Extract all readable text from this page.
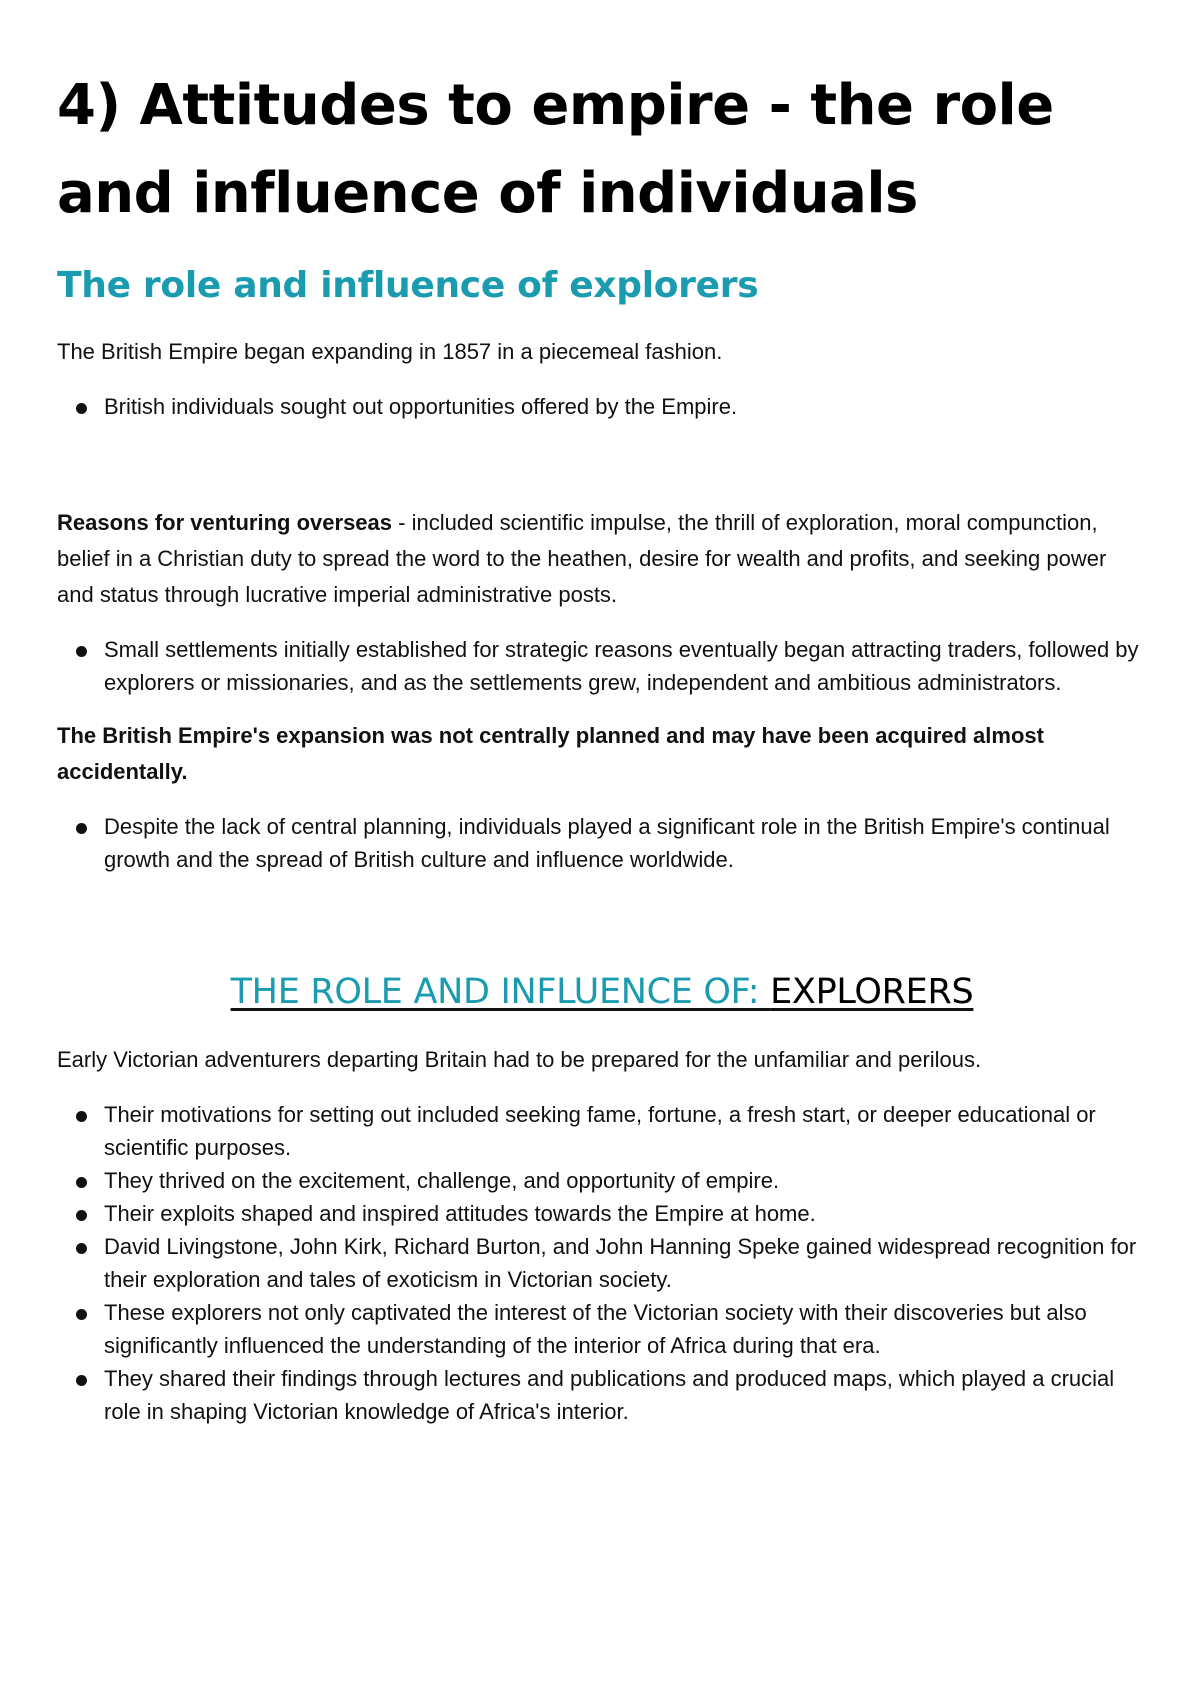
4) Attitudes to empire - the role and influence of individuals
The role and influence of explorers

The British Empire began expanding in 1857 in a piecemeal fashion.

British individuals sought out opportunities offered by the Empire.

Reasons for venturing overseas - included scientific impulse, the thrill of exploration, moral compunction, belief in a Christian duty to spread the word to the heathen, desire for wealth and profits, and seeking power and status through lucrative imperial administrative posts.

Small settlements initially established for strategic reasons eventually began attracting traders, followed by explorers or missionaries, and as the settlements grew, independent and ambitious administrators.

The British Empire's expansion was not centrally planned and may have been acquired almost accidentally.

Despite the lack of central planning, individuals played a significant role in the British Empire's continual growth and the spread of British culture and influence worldwide.
THE ROLE AND INFLUENCE OF: EXPLORERS

Early Victorian adventurers departing Britain had to be prepared for the unfamiliar and perilous.

Their motivations for setting out included seeking fame, fortune, a fresh start, or deeper educational or scientific purposes.
They thrived on the excitement, challenge, and opportunity of empire.
Their exploits shaped and inspired attitudes towards the Empire at home.
David Livingstone, John Kirk, Richard Burton, and John Hanning Speke gained widespread recognition for their exploration and tales of exoticism in Victorian society.
These explorers not only captivated the interest of the Victorian society with their discoveries but also significantly influenced the understanding of the interior of Africa during that era.
They shared their findings through lectures and publications and produced maps, which played a crucial role in shaping Victorian knowledge of Africa's interior.
